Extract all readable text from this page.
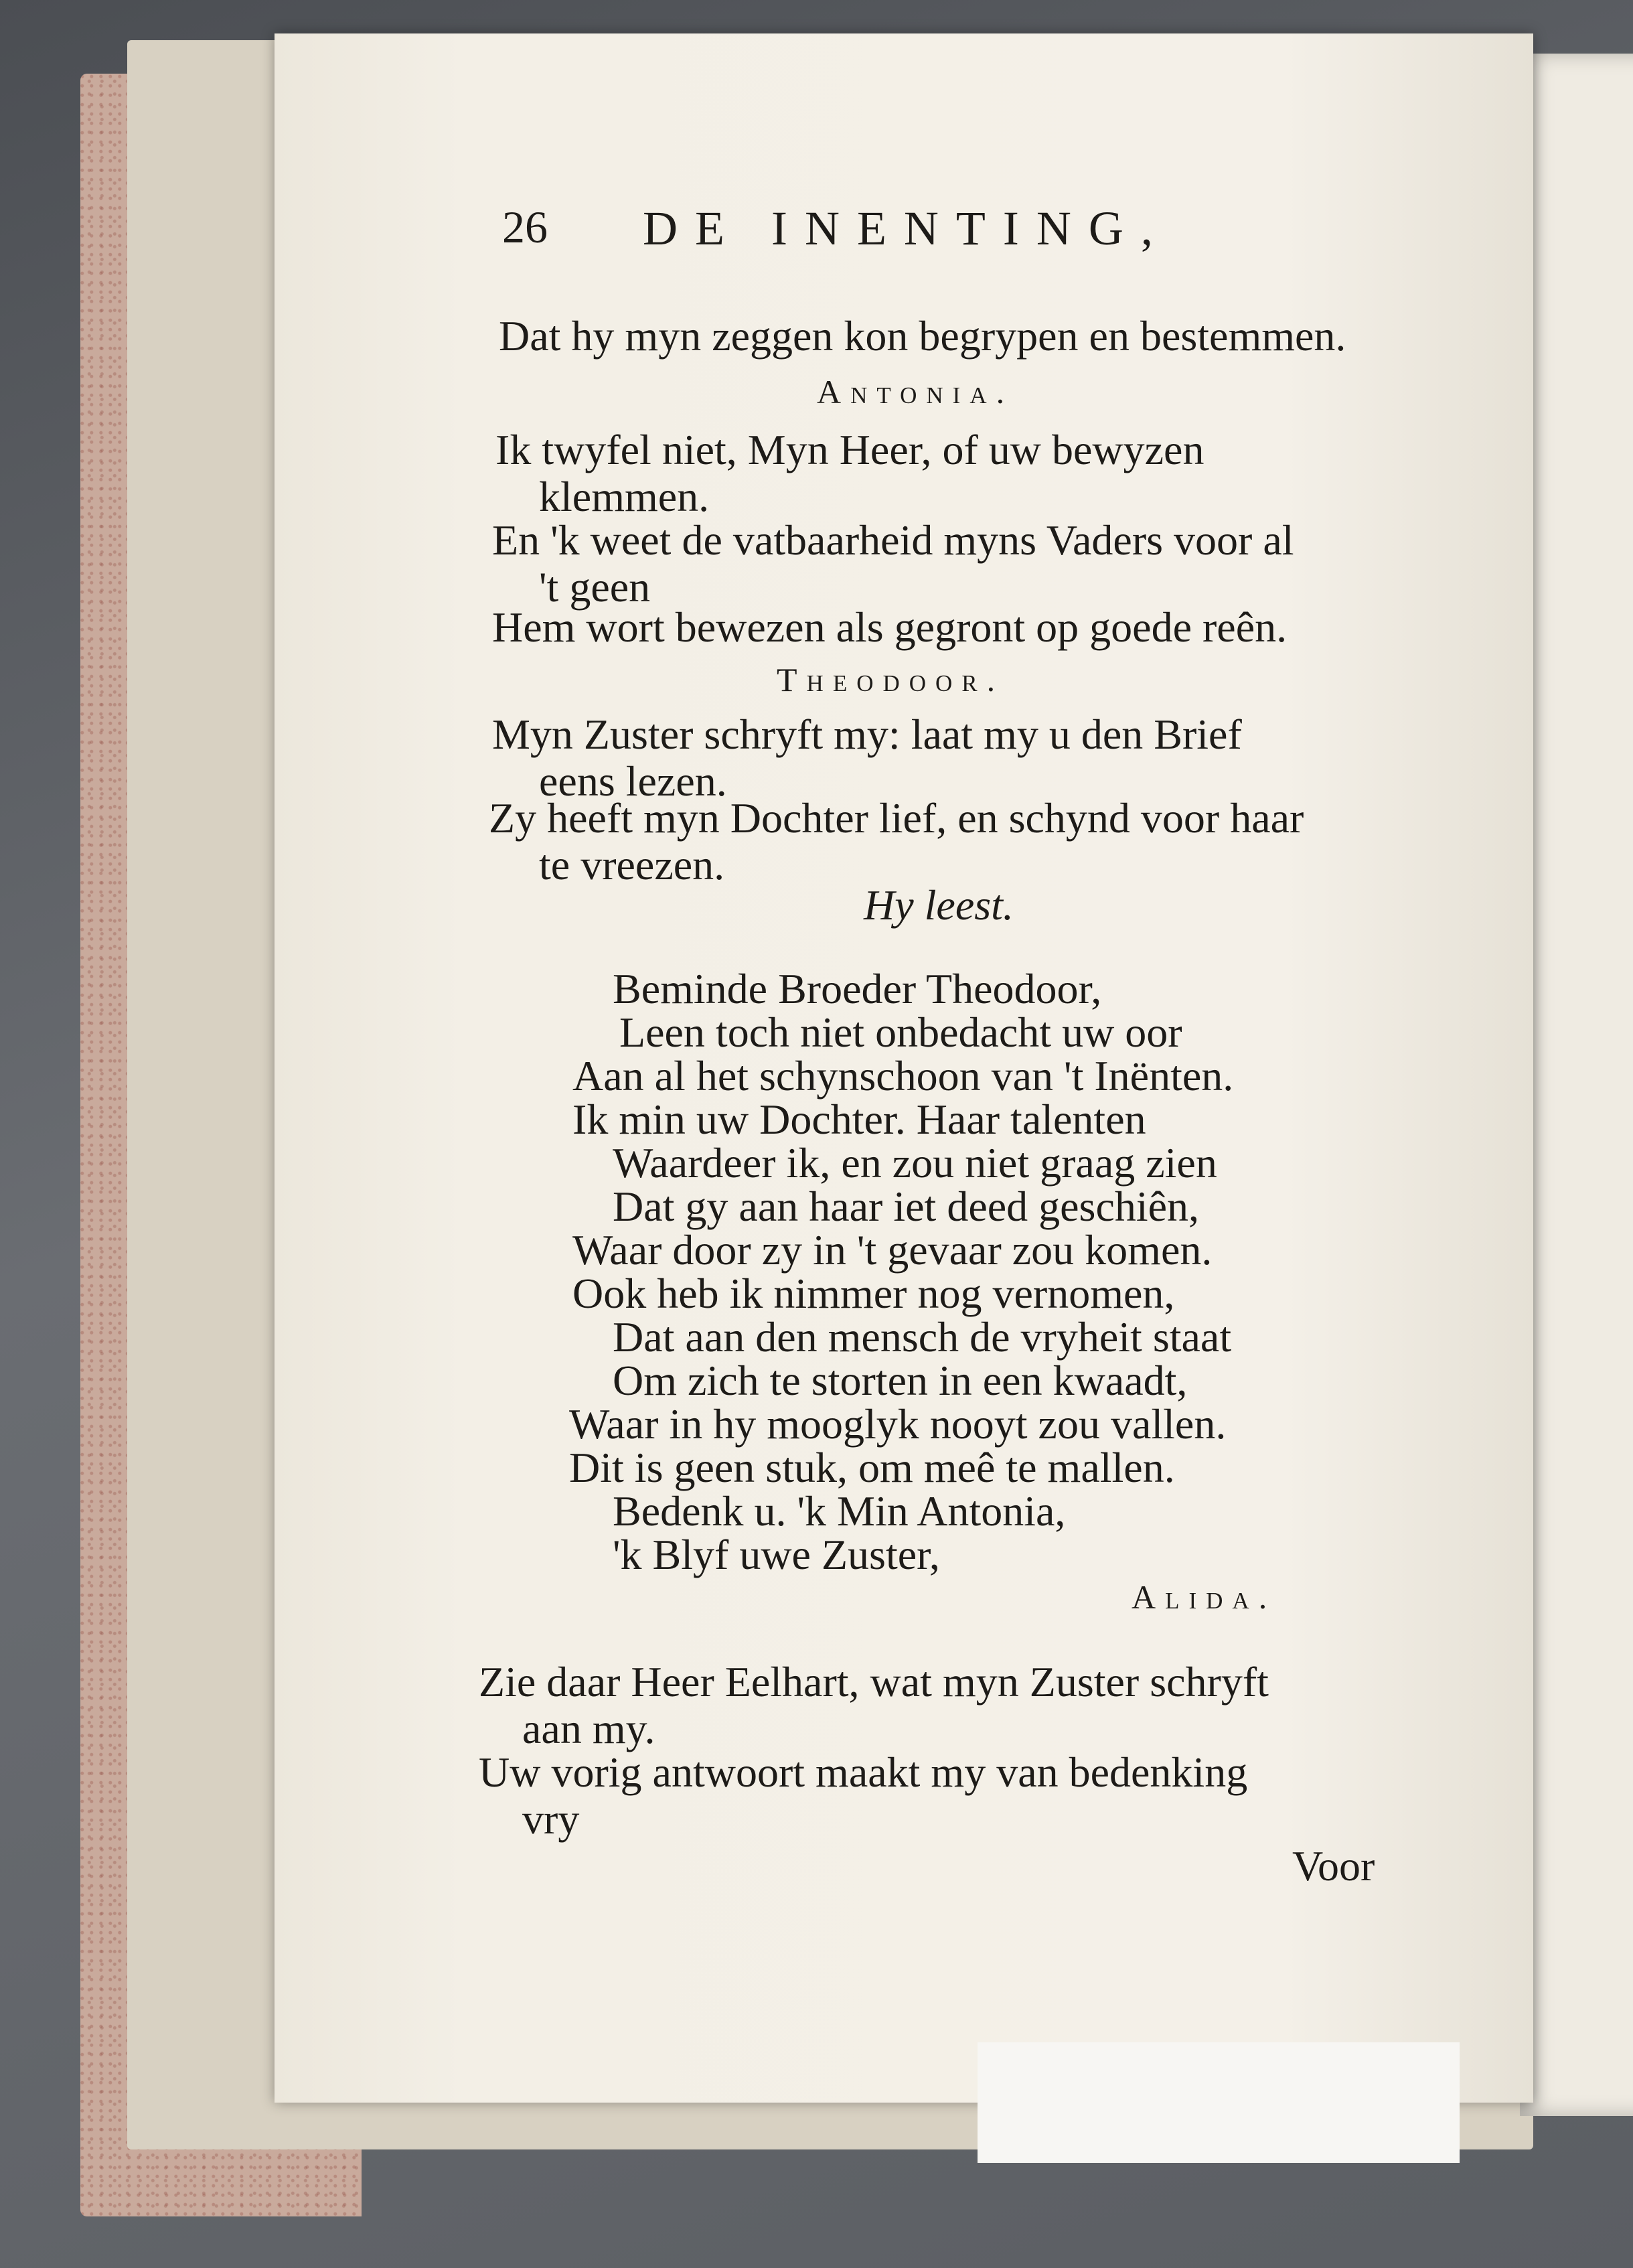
26 DE INENTING,
Dat hy myn zeggen kon begrypen en bestemmen.
Antonia.
Ik twyfel niet, Myn Heer, of uw bewyzen
klemmen.
En 'k weet de vatbaarheid myns Vaders voor al
't geen
Hem wort bewezen als gegront op goede reên.
Theodoor.
Myn Zuster schryft my: laat my u den Brief
eens lezen.
Zy heeft myn Dochter lief, en schynd voor haar
te vreezen.
Hy leest.
Beminde Broeder Theodoor,
Leen toch niet onbedacht uw oor
Aan al het schynschoon van 't Inënten.
Ik min uw Dochter. Haar talenten
Waardeer ik, en zou niet graag zien
Dat gy aan haar iet deed geschiên,
Waar door zy in 't gevaar zou komen.
Ook heb ik nimmer nog vernomen,
Dat aan den mensch de vryheit staat
Om zich te storten in een kwaadt,
Waar in hy mooglyk nooyt zou vallen.
Dit is geen stuk, om meê te mallen.
Bedenk u. 'k Min Antonia,
'k Blyf uwe Zuster,
Alida.
Zie daar Heer Eelhart, wat myn Zuster schryft
aan my.
Uw vorig antwoort maakt my van bedenking
vry
Voor
